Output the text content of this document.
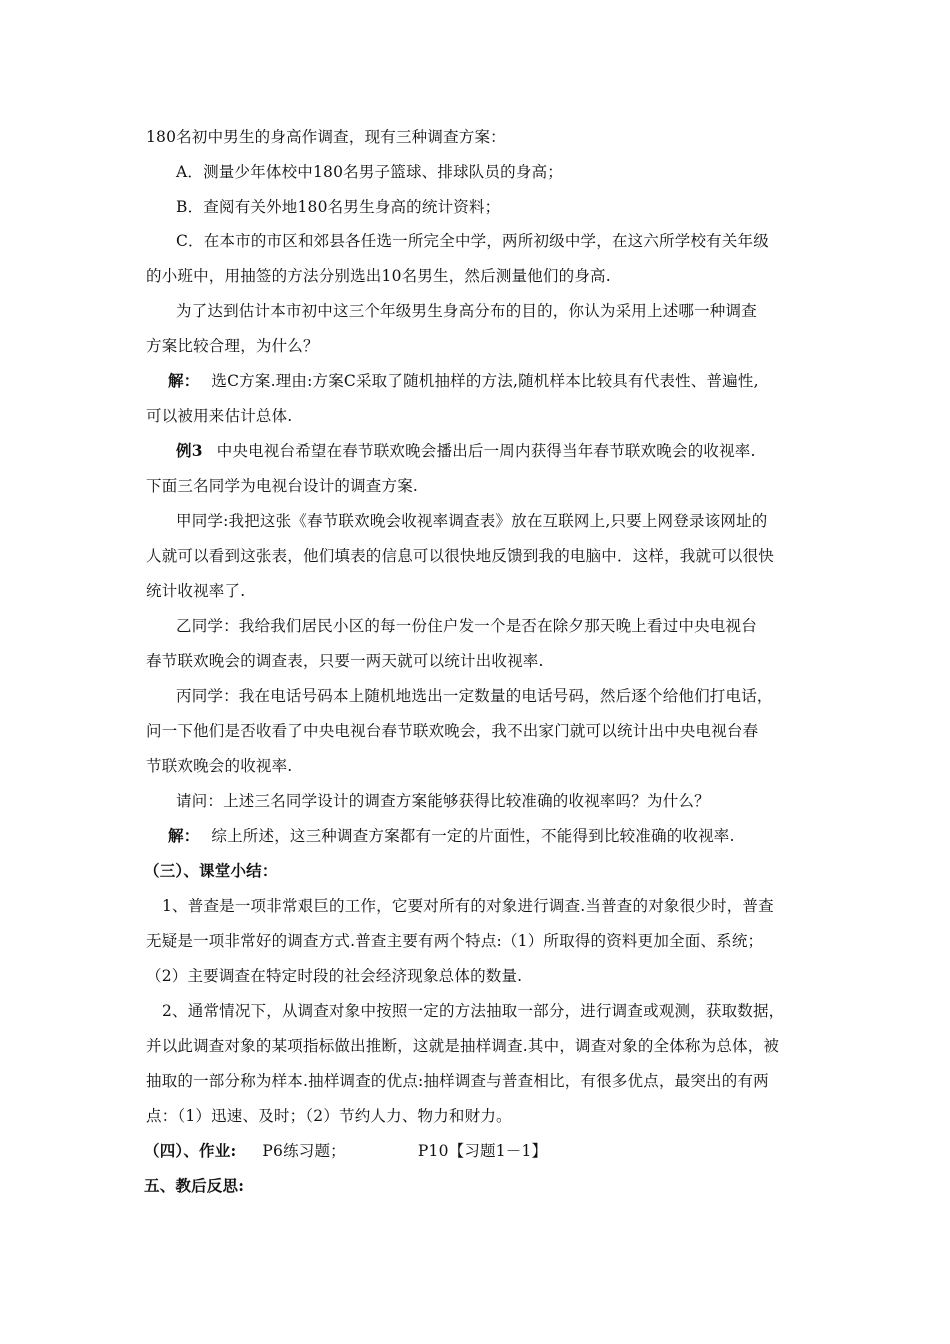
180名初中男生的身高作调查，现有三种调查方案：
A．测量少年体校中180名男子篮球、排球队员的身高；
B．查阅有关外地180名男生身高的统计资料；
C．在本市的市区和郊县各任选一所完全中学，两所初级中学，在这六所学校有关年级
的小班中，用抽签的方法分别选出10名男生，然后测量他们的身高.
为了达到估计本市初中这三个年级男生身高分布的目的，你认为采用上述哪一种调查
方案比较合理，为什么？
解： 选C方案.理由:方案C采取了随机抽样的方法,随机样本比较具有代表性、普遍性,
可以被用来估计总体.
例3 中央电视台希望在春节联欢晚会播出后一周内获得当年春节联欢晚会的收视率.
下面三名同学为电视台设计的调查方案.
甲同学:我把这张《春节联欢晚会收视率调查表》放在互联网上,只要上网登录该网址的
人就可以看到这张表，他们填表的信息可以很快地反馈到我的电脑中．这样，我就可以很快
统计收视率了.
乙同学：我给我们居民小区的每一份住户发一个是否在除夕那天晚上看过中央电视台
春节联欢晚会的调查表，只要一两天就可以统计出收视率.
丙同学：我在电话号码本上随机地选出一定数量的电话号码，然后逐个给他们打电话，
问一下他们是否收看了中央电视台春节联欢晚会，我不出家门就可以统计出中央电视台春
节联欢晚会的收视率.
请问：上述三名同学设计的调查方案能够获得比较准确的收视率吗？为什么？
解： 综上所述，这三种调查方案都有一定的片面性，不能得到比较准确的收视率.
（三）、课堂小结：
1、普查是一项非常艰巨的工作，它要对所有的对象进行调查.当普查的对象很少时，普查
无疑是一项非常好的调查方式.普查主要有两个特点:（1）所取得的资料更加全面、系统；
（2）主要调查在特定时段的社会经济现象总体的数量.
2、通常情况下，从调查对象中按照一定的方法抽取一部分，进行调查或观测，获取数据，
并以此调查对象的某项指标做出推断，这就是抽样调查.其中，调查对象的全体称为总体，被
抽取的一部分称为样本.抽样调查的优点:抽样调查与普查相比，有很多优点，最突出的有两
点：（1）迅速、及时；（2）节约人力、物力和财力。
（四）、作业: P6练习题；	P10【习题1－1】
五、教后反思:
